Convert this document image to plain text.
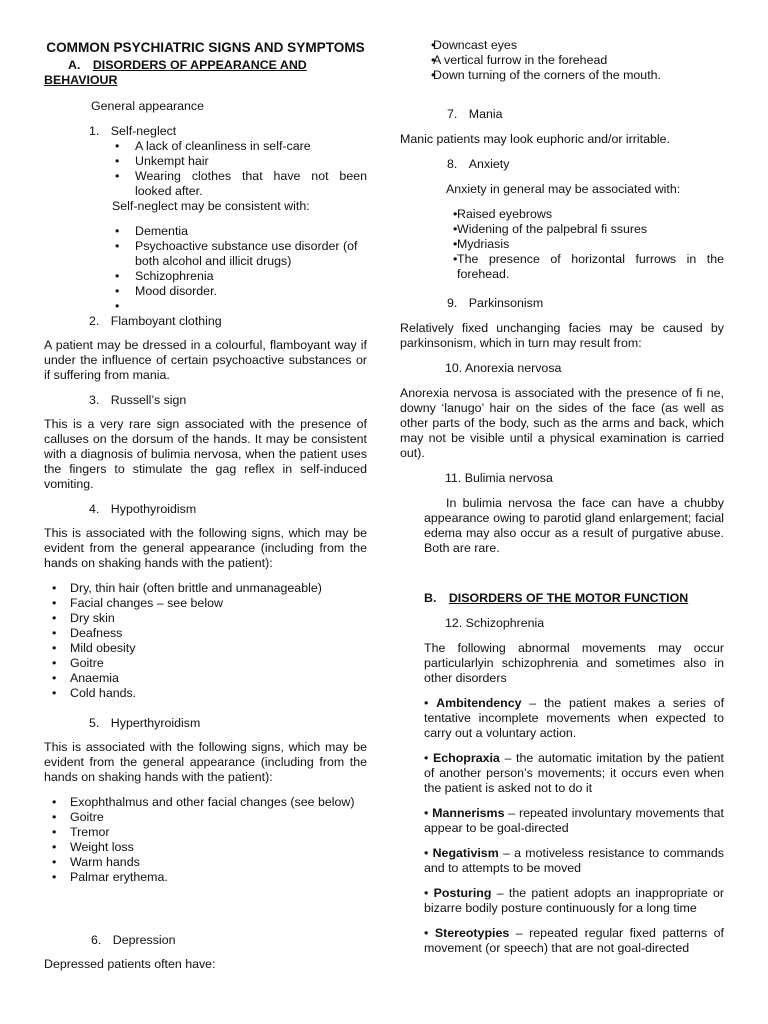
COMMON PSYCHIATRIC SIGNS AND SYMPTOMS

A. DISORDERS OF APPEARANCE AND BEHAVIOUR

General appearance

1. Self-neglect

• A lack of cleanliness in self-care
• Unkempt hair
• Wearing clothes that have not been looked after.

Self-neglect may be consistent with:

• Dementia
• Psychoactive substance use disorder (of both alcohol and illicit drugs)
• Schizophrenia
• Mood disorder.
•

2. Flamboyant clothing

A patient may be dressed in a colourful, flamboyant way if under the influence of certain psychoactive substances or if suffering from mania.

3. Russell’s sign

This is a very rare sign associated with the presence of calluses on the dorsum of the hands. It may be consistent with a diagnosis of bulimia nervosa, when the patient uses the fingers to stimulate the gag reflex in self-induced vomiting.

4. Hypothyroidism

This is associated with the following signs, which may be evident from the general appearance (including from the hands on shaking hands with the patient):

• Dry, thin hair (often brittle and unmanageable)
• Facial changes – see below
• Dry skin
• Deafness
• Mild obesity
• Goitre
• Anaemia
• Cold hands.

5. Hyperthyroidism

This is associated with the following signs, which may be evident from the general appearance (including from the hands on shaking hands with the patient):

• Exophthalmus and other facial changes (see below)
• Goitre
• Tremor
• Weight loss
• Warm hands
• Palmar erythema.

6. Depression

Depressed patients often have:

• Downcast eyes
• A vertical furrow in the forehead
• Down turning of the corners of the mouth.

7. Mania

Manic patients may look euphoric and/or irritable.

8. Anxiety

Anxiety in general may be associated with:

• Raised eyebrows
• Widening of the palpebral fi ssures
• Mydriasis
• The presence of horizontal furrows in the forehead.

9. Parkinsonism

Relatively fixed unchanging facies may be caused by parkinsonism, which in turn may result from:

10. Anorexia nervosa

Anorexia nervosa is associated with the presence of fi ne, downy ‘lanugo’ hair on the sides of the face (as well as other parts of the body, such as the arms and back, which may not be visible until a physical examination is carried out).

11. Bulimia nervosa

In bulimia nervosa the face can have a chubby appearance owing to parotid gland enlargement; facial edema may also occur as a result of purgative abuse. Both are rare.

B. DISORDERS OF THE MOTOR FUNCTION

12. Schizophrenia

The following abnormal movements may occur particularlyin schizophrenia and sometimes also in other disorders

• Ambitendency – the patient makes a series of tentative incomplete movements when expected to carry out a voluntary action.

• Echopraxia – the automatic imitation by the patient of another person’s movements; it occurs even when the patient is asked not to do it

• Mannerisms – repeated involuntary movements that appear to be goal-directed

• Negativism – a motiveless resistance to commands and to attempts to be moved

• Posturing – the patient adopts an inappropriate or bizarre bodily posture continuously for a long time

• Stereotypies – repeated regular fixed patterns of movement (or speech) that are not goal-directed
